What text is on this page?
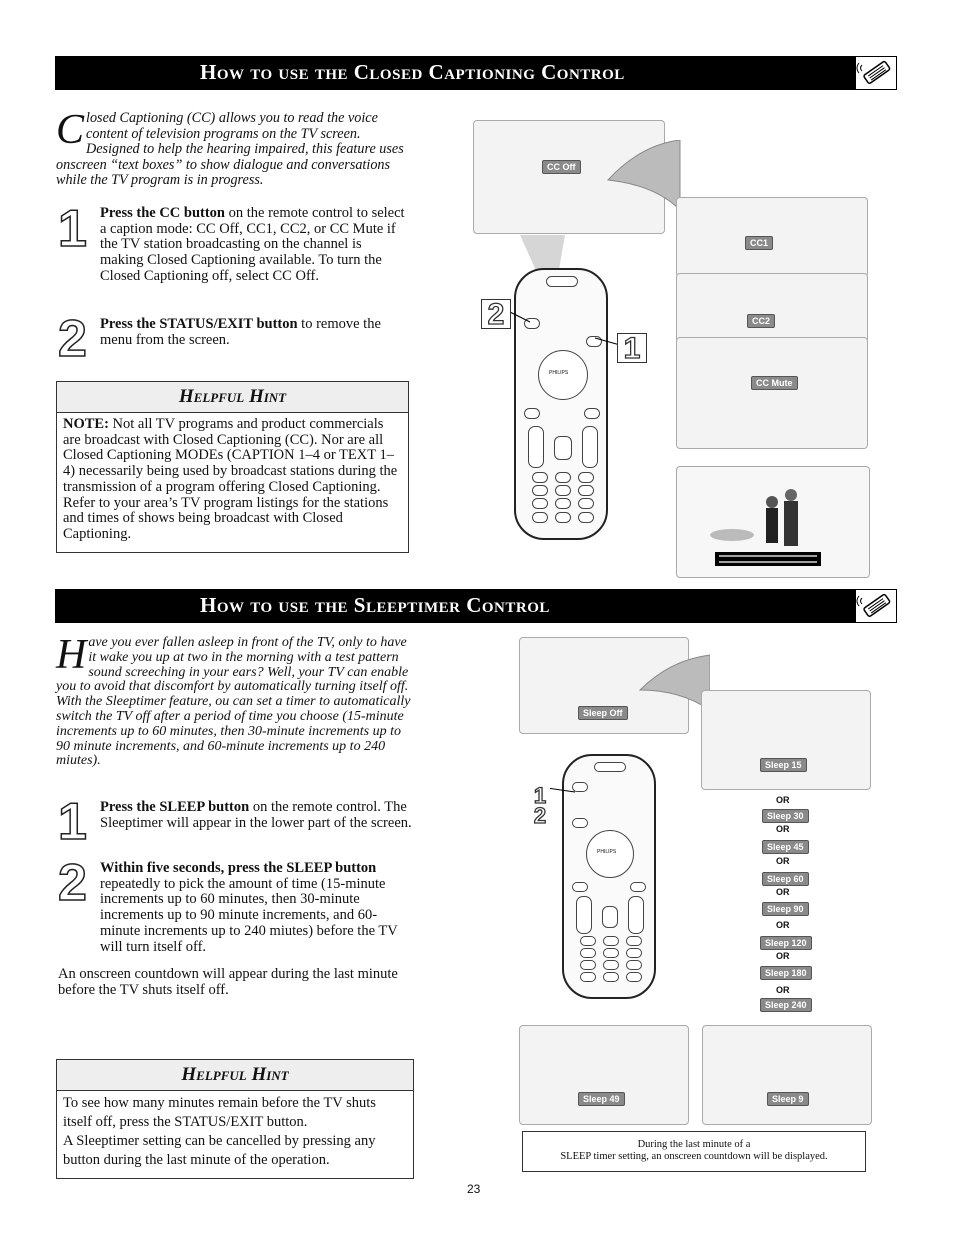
How to use the Closed Captioning Control
Closed Captioning (CC) allows you to read the voice content of television programs on the TV screen. Designed to help the hearing impaired, this feature uses onscreen “text boxes” to show dialogue and conversations while the TV program is in progress.
1 Press the CC button on the remote control to select a caption mode: CC Off, CC1, CC2, or CC Mute if the TV station broadcasting on the channel is making Closed Captioning available. To turn the Closed Captioning off, select CC Off.
2 Press the STATUS/EXIT button to remove the menu from the screen.
Helpful Hint
NOTE: Not all TV programs and product commercials are broadcast with Closed Captioning (CC). Nor are all Closed Captioning MODEs (CAPTION 1–4 or TEXT 1–4) necessarily being used by broadcast stations during the transmission of a program offering Closed Captioning. Refer to your area’s TV program listings for the stations and times of shows being broadcast with Closed Captioning.
CC Off
CC1
CC2
CC Mute
PHILIPS
2
1
How to use the Sleeptimer Control
Have you ever fallen asleep in front of the TV, only to have it wake you up at two in the morning with a test pattern sound screeching in your ears? Well, your TV can enable you to avoid that discomfort by automatically turning itself off. With the Sleeptimer feature, ou can set a timer to automatically switch the TV off after a period of time you choose (15-minute increments up to 60 minutes, then 30-minute increments up to 90 minute increments, and 60-minute increments up to 240 miutes).
1 Press the SLEEP button on the remote control. The Sleeptimer will appear in the lower part of the screen.
2 Within five seconds, press the SLEEP button repeatedly to pick the amount of time (15-minute increments up to 60 minutes, then 30-minute increments up to 90 minute increments, and 60-minute increments up to 240 miutes) before the TV will turn itself off.
An onscreen countdown will appear during the last minute before the TV shuts itself off.
Helpful Hint
To see how many minutes remain before the TV shuts itself off, press the STATUS/EXIT button.
A Sleeptimer setting can be cancelled by pressing any button during the last minute of the operation.
Sleep Off
Sleep 15
OR
Sleep 30
OR
Sleep 45
OR
Sleep 60
OR
Sleep 90
OR
Sleep 120
OR
Sleep 180
OR
Sleep 240
PHILIPS
1
2
Sleep 49	Sleep 9
During the last minute of a
SLEEP timer setting, an onscreen countdown will be displayed.
23
